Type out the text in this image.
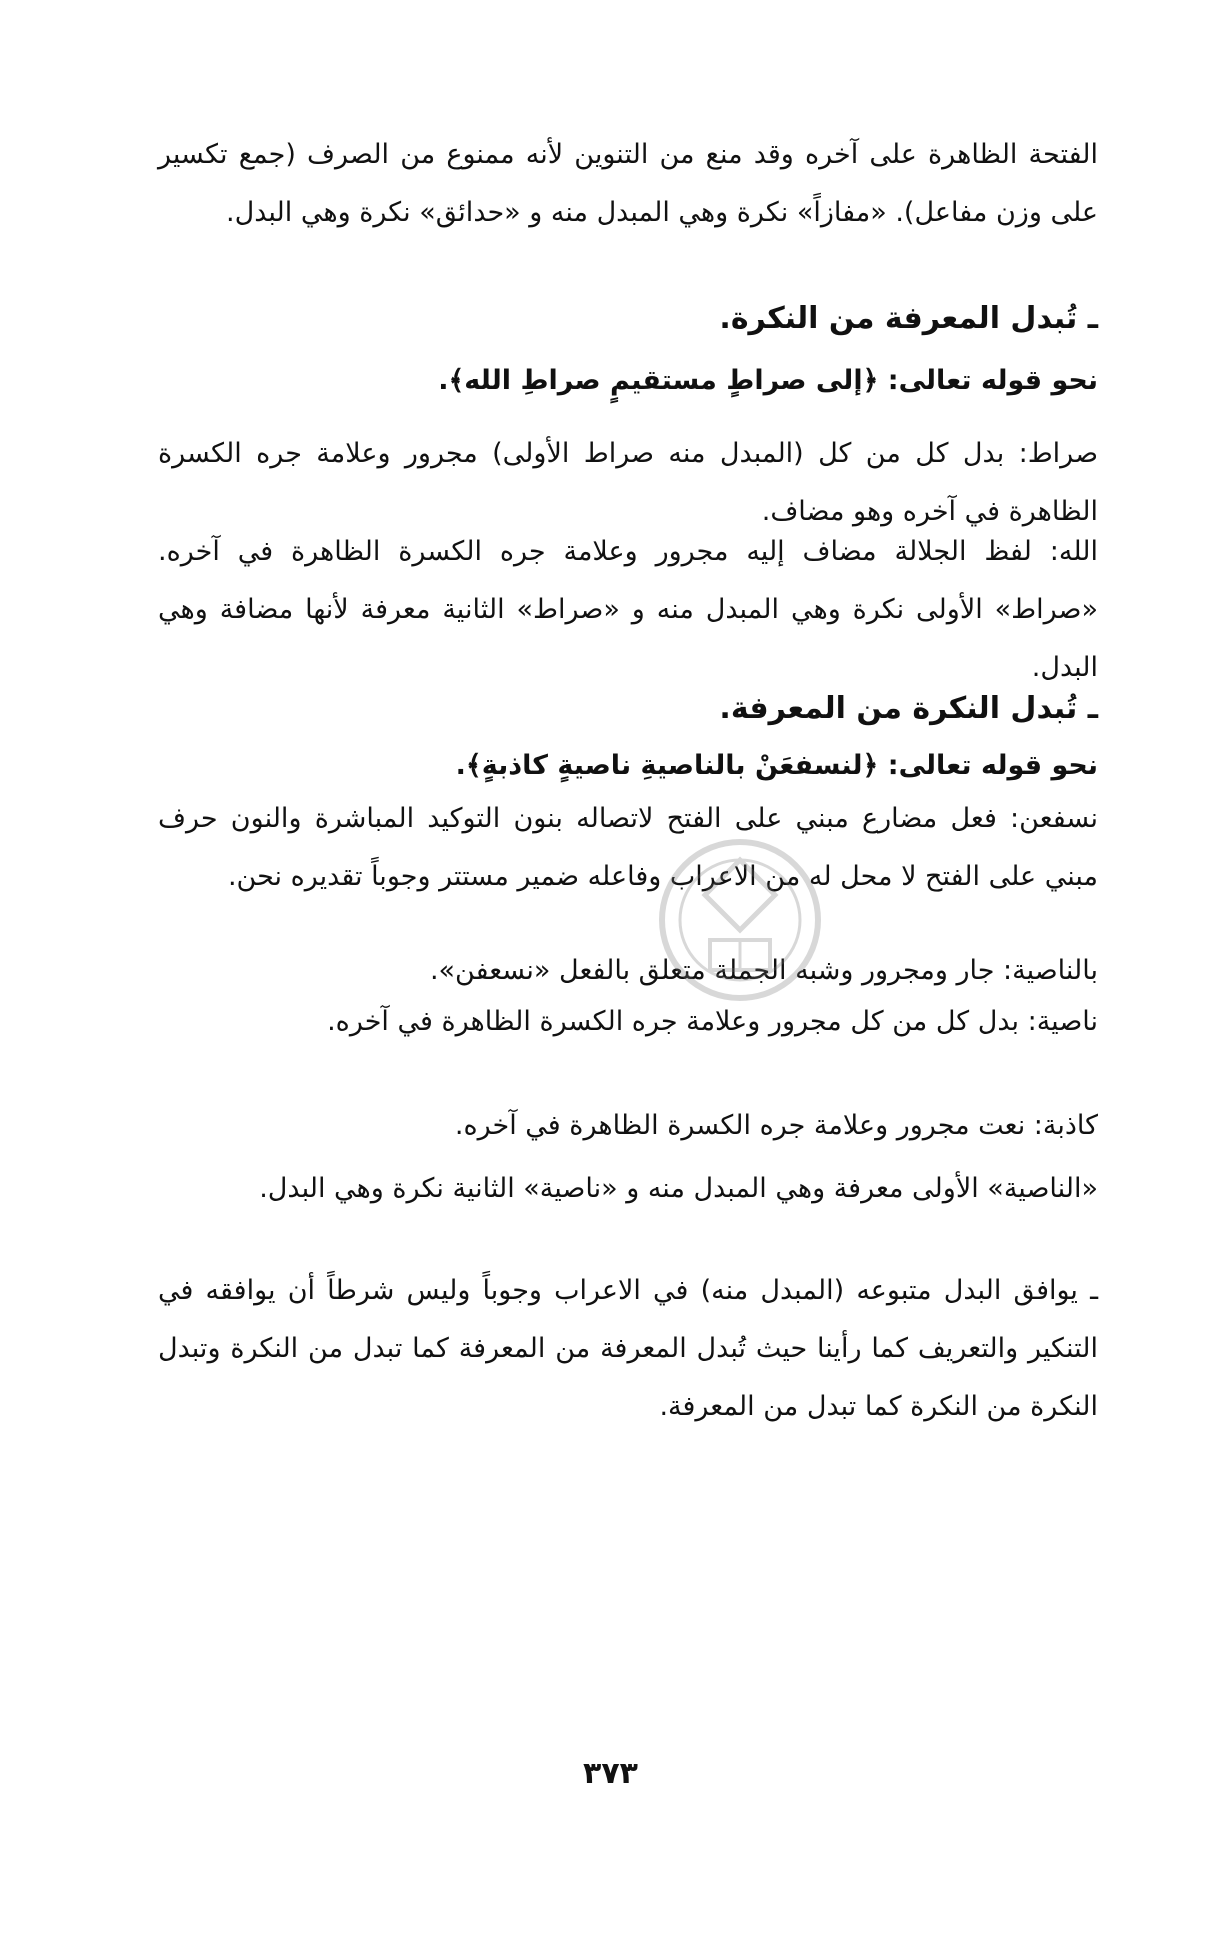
الفتحة الظاهرة على آخره وقد منع من التنوين لأنه ممنوع من الصرف (جمع تكسير على وزن مفاعل). «مفازاً» نكرة وهي المبدل منه و «حدائق» نكرة وهي البدل.

ـ تُبدل المعرفة من النكرة.

نحو قوله تعالى: ﴿إلى صراطٍ مستقيمٍ صراطِ الله﴾.

صراط: بدل كل من كل (المبدل منه صراط الأولى) مجرور وعلامة جره الكسرة الظاهرة في آخره وهو مضاف.

الله: لفظ الجلالة مضاف إليه مجرور وعلامة جره الكسرة الظاهرة في آخره. «صراط» الأولى نكرة وهي المبدل منه و «صراط» الثانية معرفة لأنها مضافة وهي البدل.

ـ تُبدل النكرة من المعرفة.

نحو قوله تعالى: ﴿لنسفعَنْ بالناصيةِ ناصيةٍ كاذبةٍ﴾.

نسفعن: فعل مضارع مبني على الفتح لاتصاله بنون التوكيد المباشرة والنون حرف مبني على الفتح لا محل له من الاعراب وفاعله ضمير مستتر وجوباً تقديره نحن.

بالناصية: جار ومجرور وشبه الجملة متعلق بالفعل «نسعفن».

ناصية: بدل كل من كل مجرور وعلامة جره الكسرة الظاهرة في آخره.

كاذبة: نعت مجرور وعلامة جره الكسرة الظاهرة في آخره.

«الناصية» الأولى معرفة وهي المبدل منه و «ناصية» الثانية نكرة وهي البدل.

ـ يوافق البدل متبوعه (المبدل منه) في الاعراب وجوباً وليس شرطاً أن يوافقه في التنكير والتعريف كما رأينا حيث تُبدل المعرفة من المعرفة كما تبدل من النكرة وتبدل النكرة من النكرة كما تبدل من المعرفة.

٣٧٣
